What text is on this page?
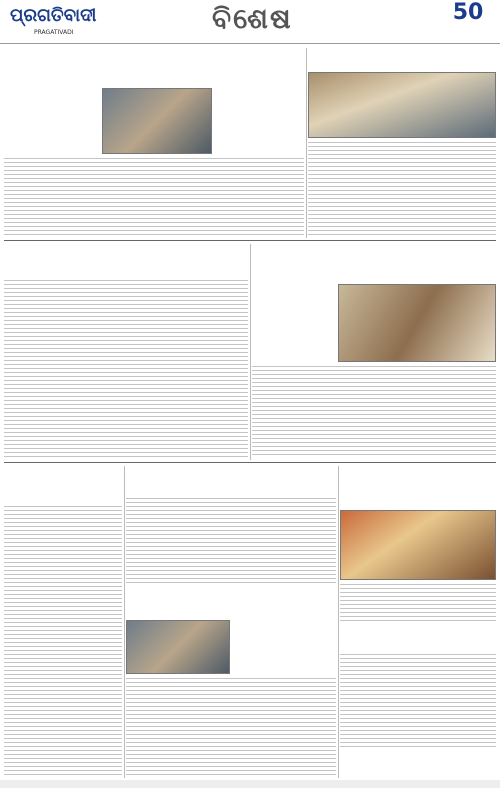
ପ୍ରଗତିବାଦୀ
PRAGATIVADI	ବିଶେଷ	50
